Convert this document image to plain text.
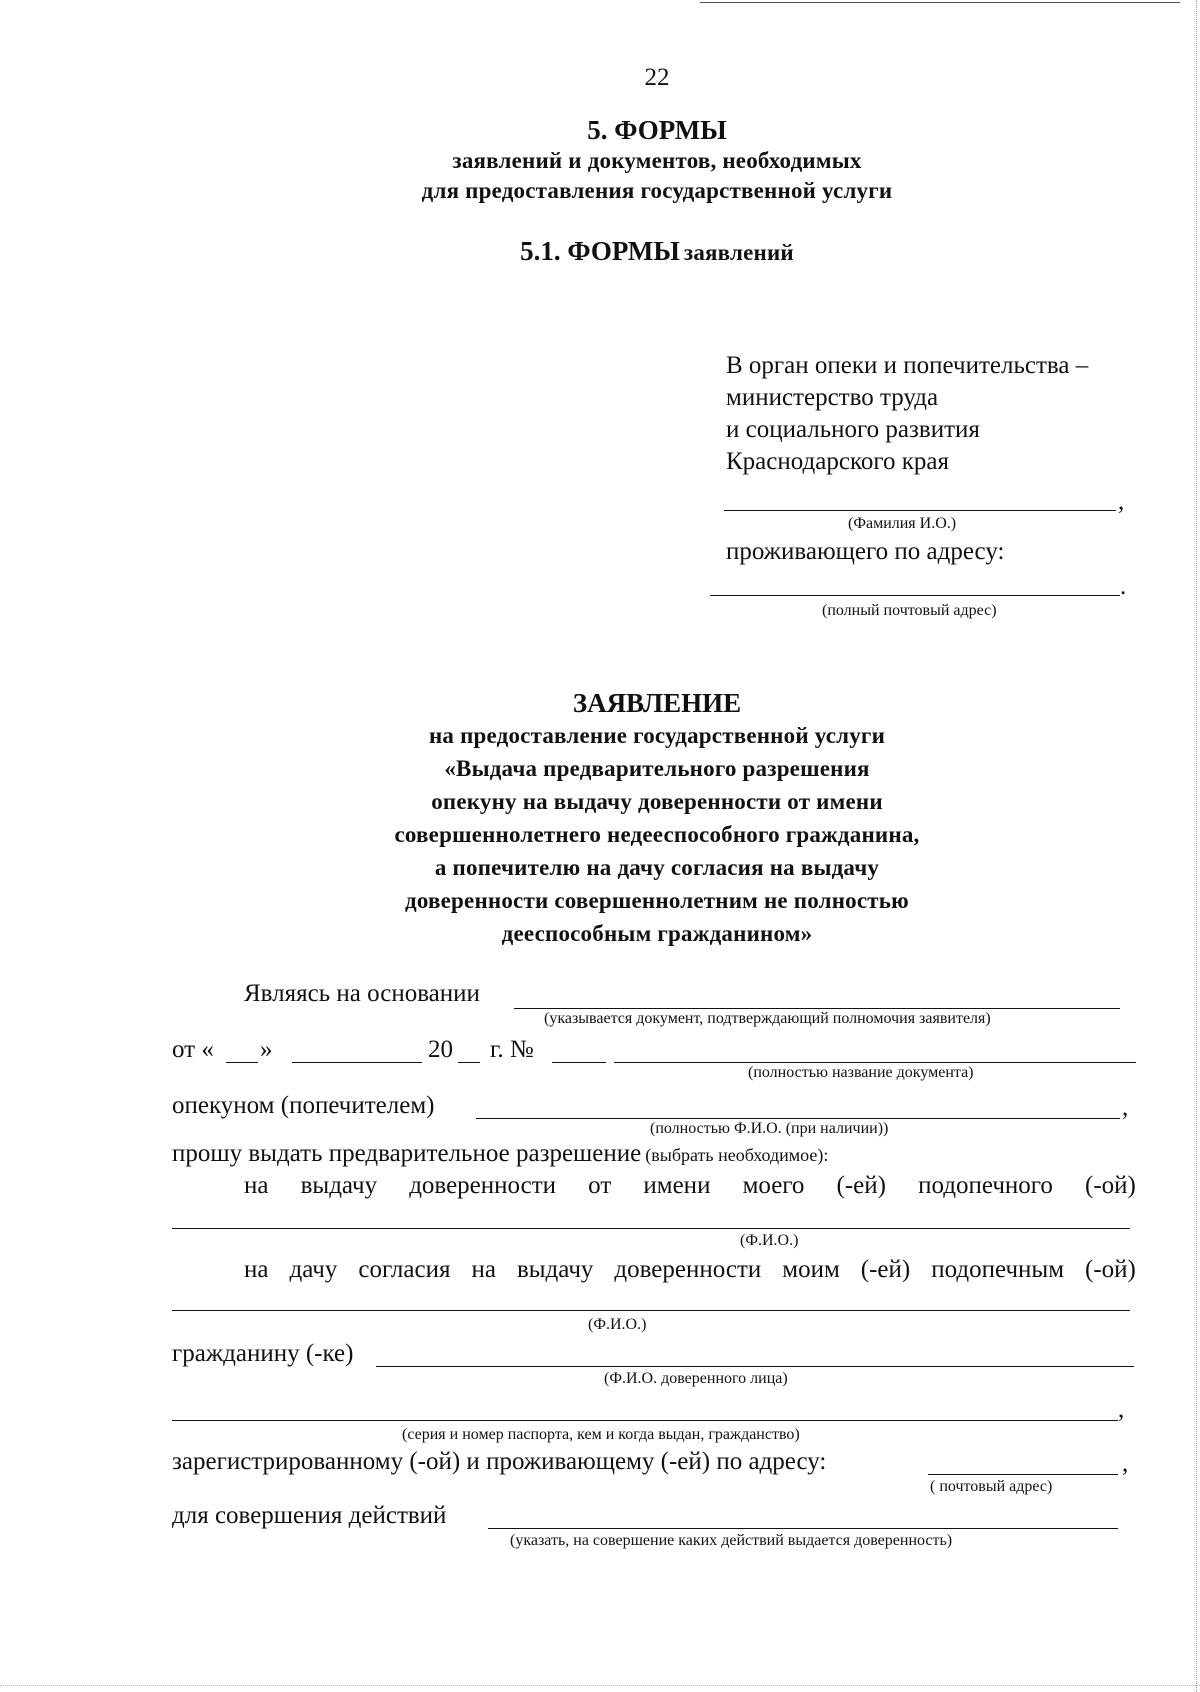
22
5. ФОРМЫ
заявлений и документов, необходимых
для предоставления государственной услуги
5.1. ФОРМЫ заявлений
В орган опеки и попечительства –
министерство труда
и социального развития
Краснодарского края
,
(Фамилия И.О.)
проживающего по адресу:
.
(полный почтовый адрес)
ЗАЯВЛЕНИЕ
на предоставление государственной услуги
«Выдача предварительного разрешения
опекуну на выдачу доверенности от имени
совершеннолетнего недееспособного гражданина,
а попечителю на дачу согласия на выдачу
доверенности совершеннолетним не полностью
дееспособным гражданином»
Являясь на основании
(указывается документ, подтверждающий полномочия заявителя)
от « »	20 г. №
(полностью название документа)
опекуном (попечителем)	,
(полностью Ф.И.О. (при наличии))
прошу выдать предварительное разрешение (выбрать необходимое):
на выдачу доверенности от имени моего (-ей) подопечного (-ой)
(Ф.И.О.)
на дачу согласия на выдачу доверенности моим (-ей) подопечным (-ой)
(Ф.И.О.)
гражданину (-ке)
(Ф.И.О. доверенного лица)
,
(серия и номер паспорта, кем и когда выдан, гражданство)
зарегистрированному (-ой) и проживающему (-ей) по адресу:	,
( почтовый адрес)
для совершения действий
(указать, на совершение каких действий выдается доверенность)
